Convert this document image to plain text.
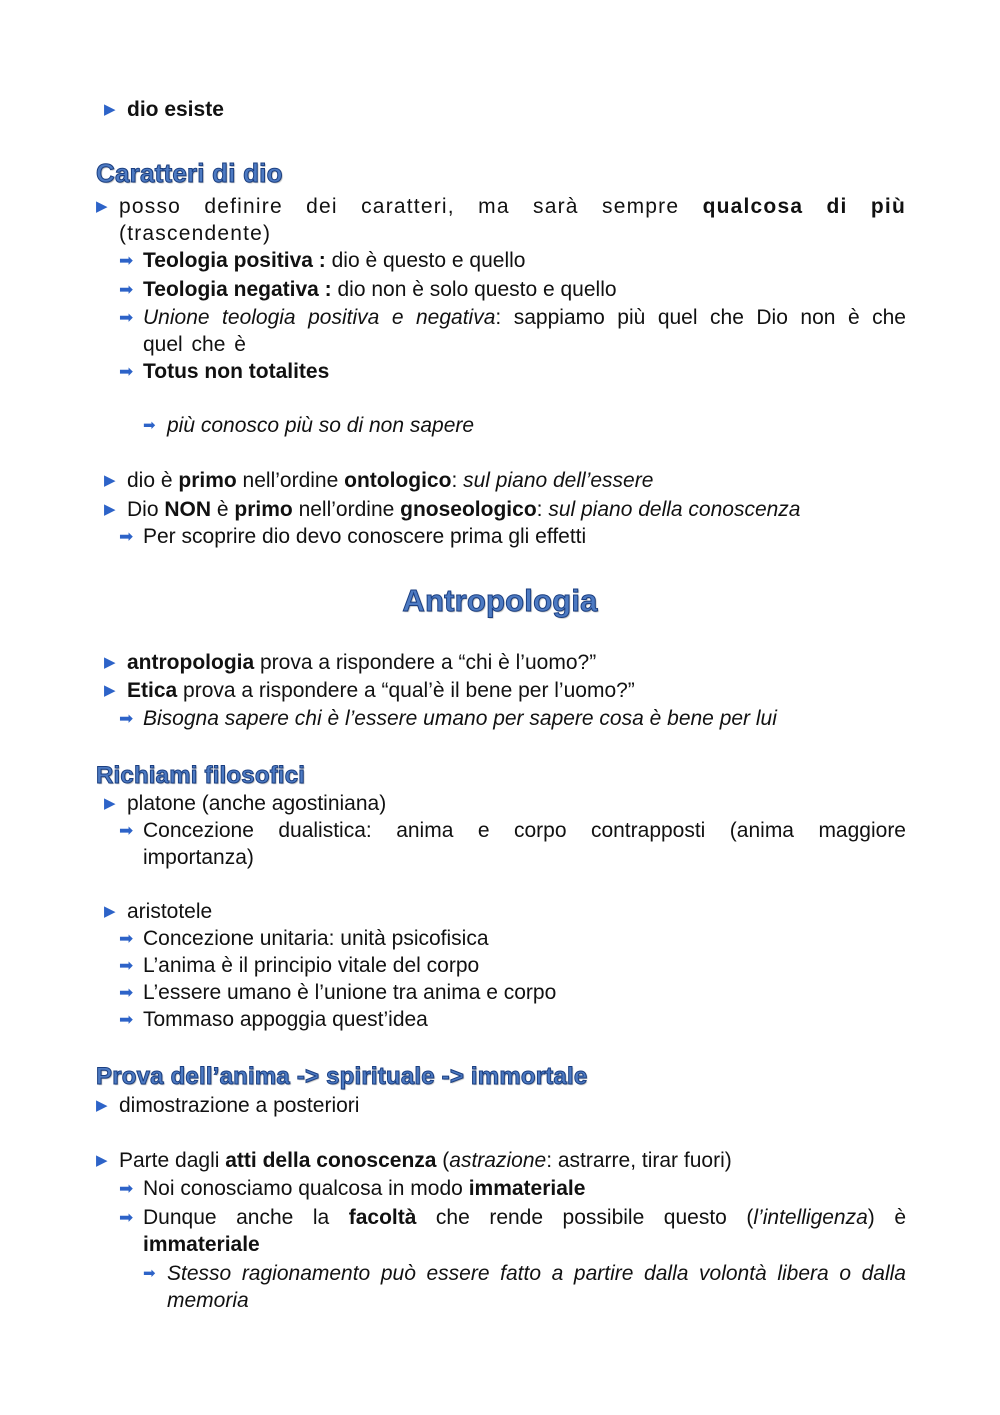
▶ dio esiste
Caratteri di dio
▶ posso definire dei caratteri, ma sarà sempre qualcosa di più (trascendente)
➡ Teologia positiva : dio è questo e quello
➡ Teologia negativa : dio non è solo questo e quello
➡ Unione teologia positiva e negativa: sappiamo più quel che Dio non è che quel che è
➡ Totus non totalites
➡ più conosco più so di non sapere
▶ dio è primo nell’ordine ontologico: sul piano dell’essere
▶ Dio NON è primo nell’ordine gnoseologico: sul piano della conoscenza
➡ Per scoprire dio devo conoscere prima gli effetti
Antropologia
▶ antropologia prova a rispondere a “chi è l’uomo?”
▶ Etica prova a rispondere a “qual’è il bene per l’uomo?”
➡ Bisogna sapere chi è l’essere umano per sapere cosa è bene per lui
Richiami filosofici
▶ platone (anche agostiniana)
➡ Concezione dualistica: anima e corpo contrapposti (anima maggiore importanza)
▶ aristotele
➡ Concezione unitaria: unità psicofisica
➡ L’anima è il principio vitale del corpo
➡ L’essere umano è l’unione tra anima e corpo
➡ Tommaso appoggia quest’idea
Prova dell’anima -> spirituale -> immortale
▶ dimostrazione a posteriori
▶ Parte dagli atti della conoscenza (astrazione: astrarre, tirar fuori)
➡ Noi conosciamo qualcosa in modo immateriale
➡ Dunque anche la facoltà che rende possibile questo (l’intelligenza) è immateriale
➡ Stesso ragionamento può essere fatto a partire dalla volontà libera o dalla memoria
